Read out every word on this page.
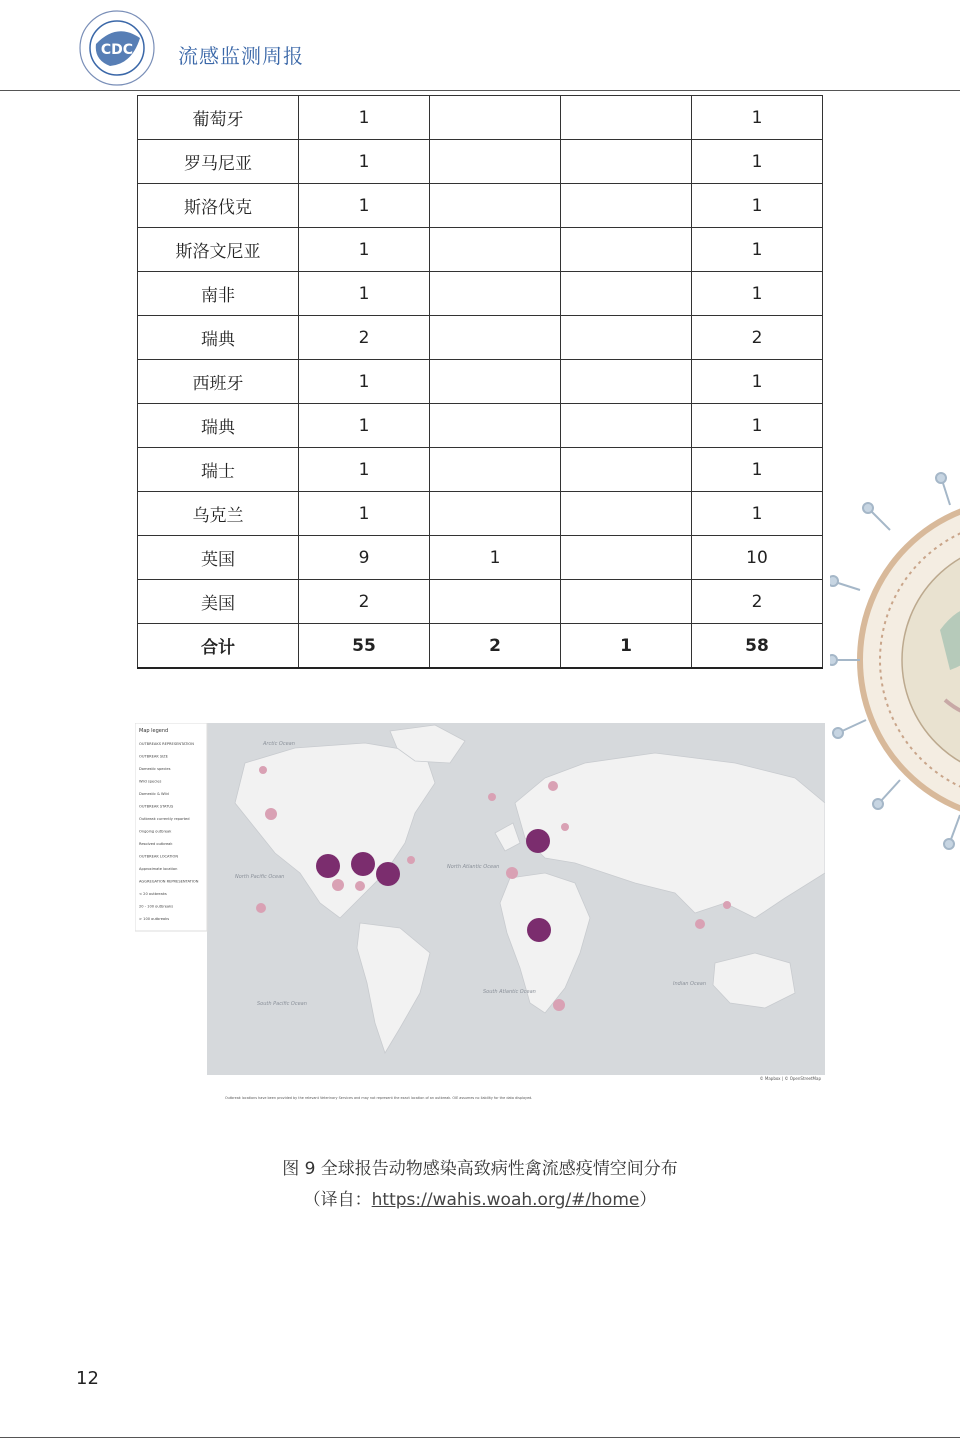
CDC 流感监测周报
葡萄牙	1			1
罗马尼亚	1			1
斯洛伐克	1			1
斯洛文尼亚	1			1
南非	1			1
瑞典	2			2
西班牙	1			1
瑞典	1			1
瑞士	1			1
乌克兰	1			1
英国	9	1		10
美国	2			2
合计	55	2	1	58
Map legend
OUTBREAKS REPRESENTATION
OUTBREAK SIZE
Domestic species
Wild species
Domestic & Wild
OUTBREAK STATUS
Outbreak currently reported
Ongoing outbreak
Resolved outbreak
OUTBREAK LOCATION
Approximate location
AGGREGATION REPRESENTATION
< 20 outbreaks
20 - 100 outbreaks
> 100 outbreaks
Arctic Ocean
North Pacific Ocean
North Atlantic Ocean
South Atlantic Ocean
South Pacific Ocean
Indian Ocean
© Mapbox | © OpenStreetMap
Outbreak locations have been provided by the relevant Veterinary Services and may not represent the exact location of an outbreak. OIE assumes no liability for the data displayed.
图 9 全球报告动物感染高致病性禽流感疫情空间分布
（译自：https://wahis.woah.org/#/home）
12
